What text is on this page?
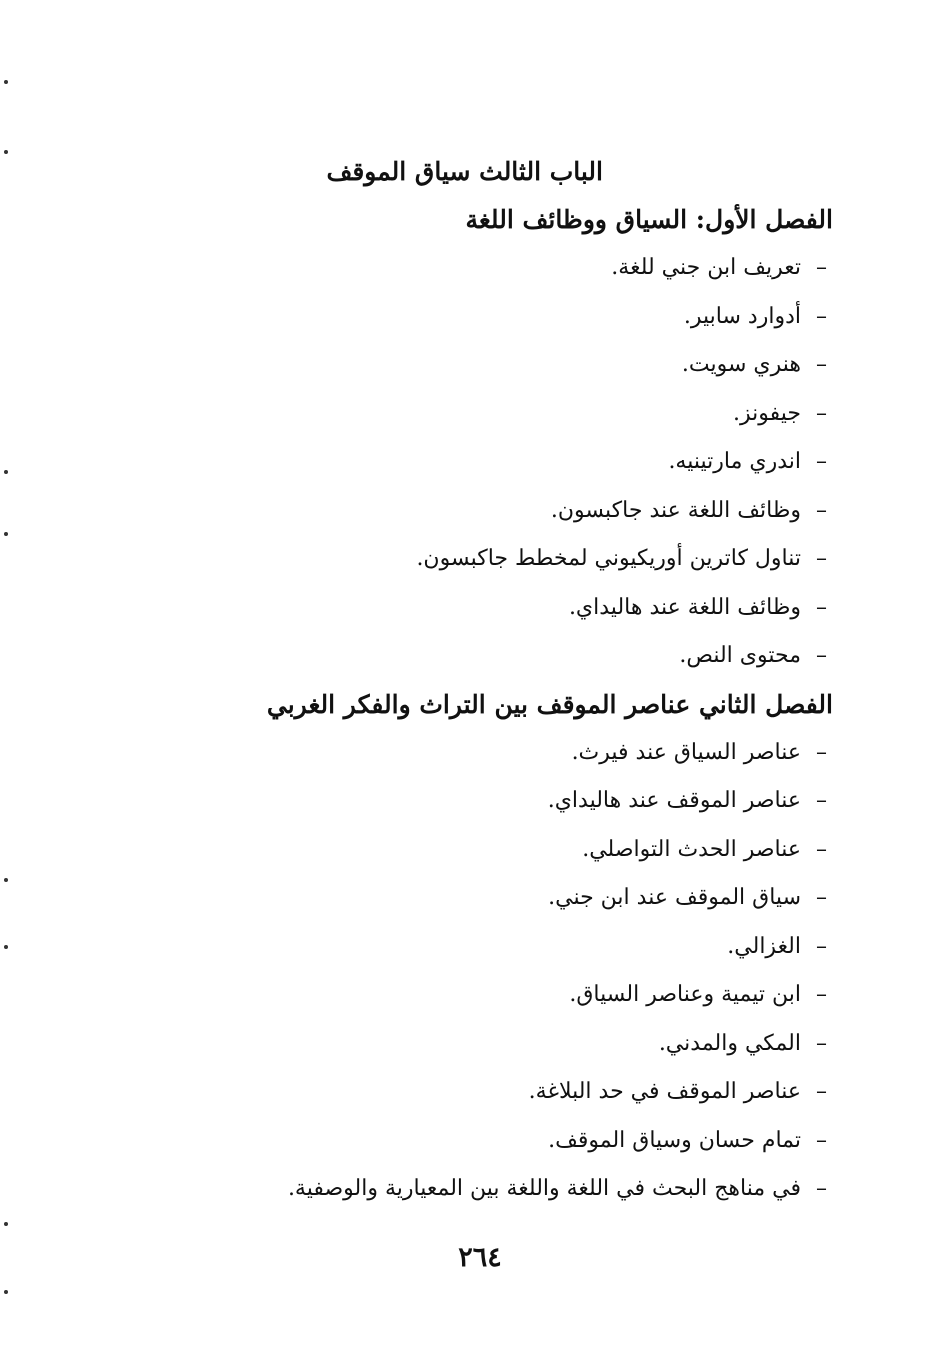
الباب الثالث سياق الموقف
الفصل الأول: السياق ووظائف اللغة
–تعريف ابن جني للغة.
–أدوارد سابير.
–هنري سويت.
–جيفونز.
–اندري مارتينيه.
–وظائف اللغة عند جاكبسون.
–تناول كاترين أوريكيوني لمخطط جاكبسون.
–وظائف اللغة عند هاليداي.
–محتوى النص.
الفصل الثاني عناصر الموقف بين التراث والفكر الغربي
–عناصر السياق عند فيرث.
–عناصر الموقف عند هاليداي.
–عناصر الحدث التواصلي.
–سياق الموقف عند ابن جني.
–الغزالي.
–ابن تيمية وعناصر السياق.
–المكي والمدني.
–عناصر الموقف في حد البلاغة.
–تمام حسان وسياق الموقف.
–في مناهج البحث في اللغة واللغة بين المعيارية والوصفية.
٢٦٤
